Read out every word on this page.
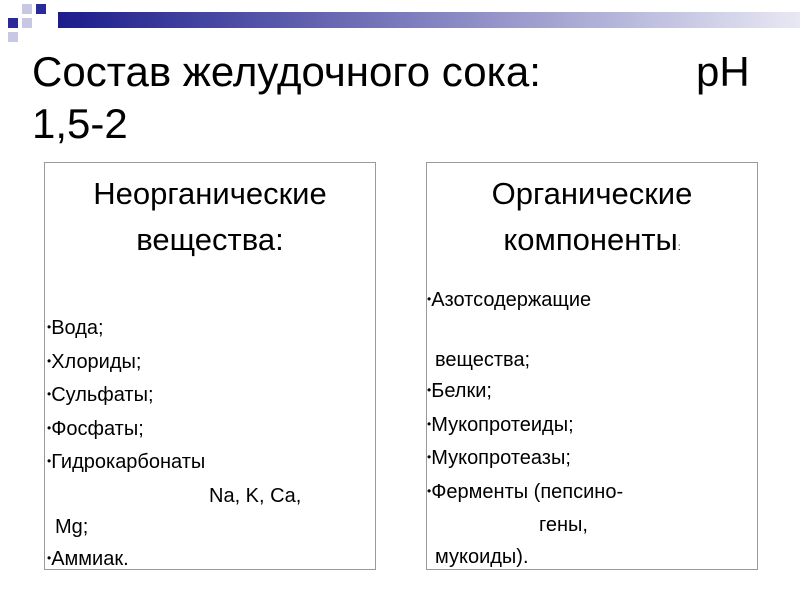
Состав желудочного сока:	pH
1,5-2
Неорганические
вещества:
•Вода;
•Хлориды;
•Сульфаты;
•Фосфаты;
•Гидрокарбонаты
Na, K, Ca,
Mg;
•Аммиак.
Органические
компоненты:
•Азотсодержащие
вещества;
•Белки;
•Мукопротеиды;
•Мукопротеазы;
•Ферменты (пепсино-
гены,
мукоиды).
